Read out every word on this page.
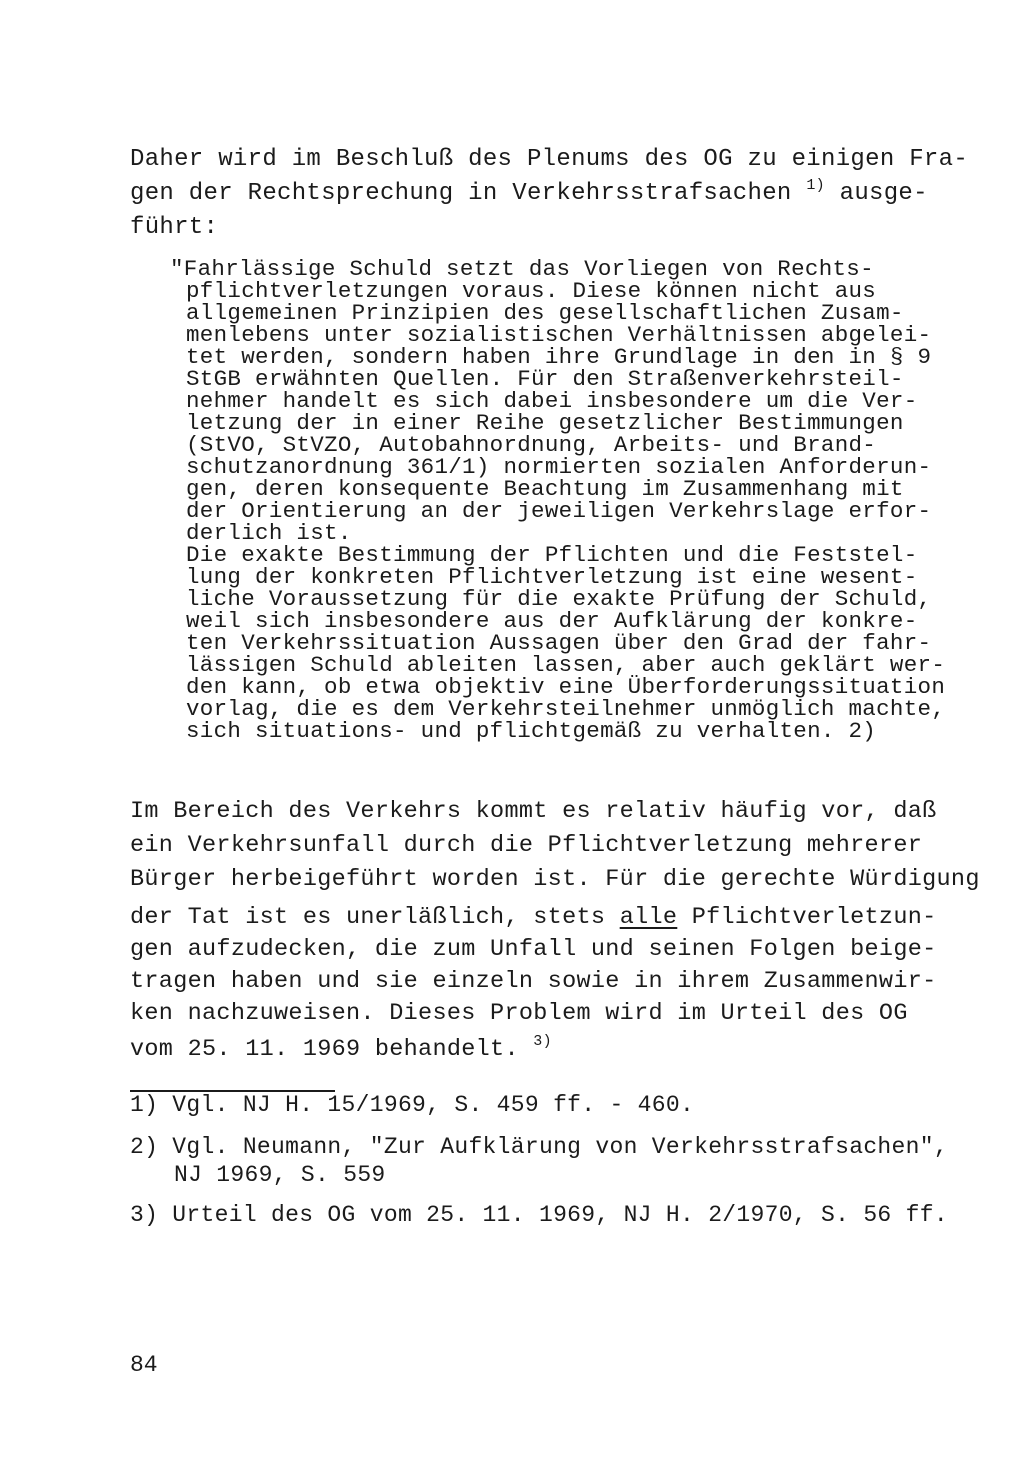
Daher wird im Beschluß des Plenums des OG zu einigen Fra-
gen der Rechtsprechung in Verkehrsstrafsachen $^{1)}$ ausge-
führt:
"Fahrlässige Schuld setzt das Vorliegen von Rechts-
pflichtverletzungen voraus. Diese können nicht aus
allgemeinen Prinzipien des gesellschaftlichen Zusam-
menlebens unter sozialistischen Verhältnissen abgelei-
tet werden, sondern haben ihre Grundlage in den in § 9
StGB erwähnten Quellen. Für den Straßenverkehrsteil-
nehmer handelt es sich dabei insbesondere um die Ver-
letzung der in einer Reihe gesetzlicher Bestimmungen
(StVO, StVZO, Autobahnordnung, Arbeits- und Brand-
schutzanordnung 361/1) normierten sozialen Anforderun-
gen, deren konsequente Beachtung im Zusammenhang mit
der Orientierung an der jeweiligen Verkehrslage erfor-
derlich ist.
Die exakte Bestimmung der Pflichten und die Feststel-
lung der konkreten Pflichtverletzung ist eine wesent-
liche Voraussetzung für die exakte Prüfung der Schuld,
weil sich insbesondere aus der Aufklärung der konkre-
ten Verkehrssituation Aussagen über den Grad der fahr-
lässigen Schuld ableiten lassen, aber auch geklärt wer-
den kann, ob etwa objektiv eine Überforderungssituation
vorlag, die es dem Verkehrsteilnehmer unmöglich machte,
sich situations- und pflichtgemäß zu verhalten. 2)
Im Bereich des Verkehrs kommt es relativ häufig vor, daß
ein Verkehrsunfall durch die Pflichtverletzung mehrerer
Bürger herbeigeführt worden ist. Für die gerechte Würdigung
der Tat ist es unerläßlich, stets alle Pflichtverletzun-
gen aufzudecken, die zum Unfall und seinen Folgen beige-
tragen haben und sie einzeln sowie in ihrem Zusammenwir-
ken nachzuweisen. Dieses Problem wird im Urteil des OG
vom 25. 11. 1969 behandelt. $^{3)}$
1) Vgl. NJ H. 15/1969, S. 459 ff. - 460.
2) Vgl. Neumann, "Zur Aufklärung von Verkehrsstrafsachen",
NJ 1969, S. 559
3) Urteil des OG vom 25. 11. 1969, NJ H. 2/1970, S. 56 ff.
84
